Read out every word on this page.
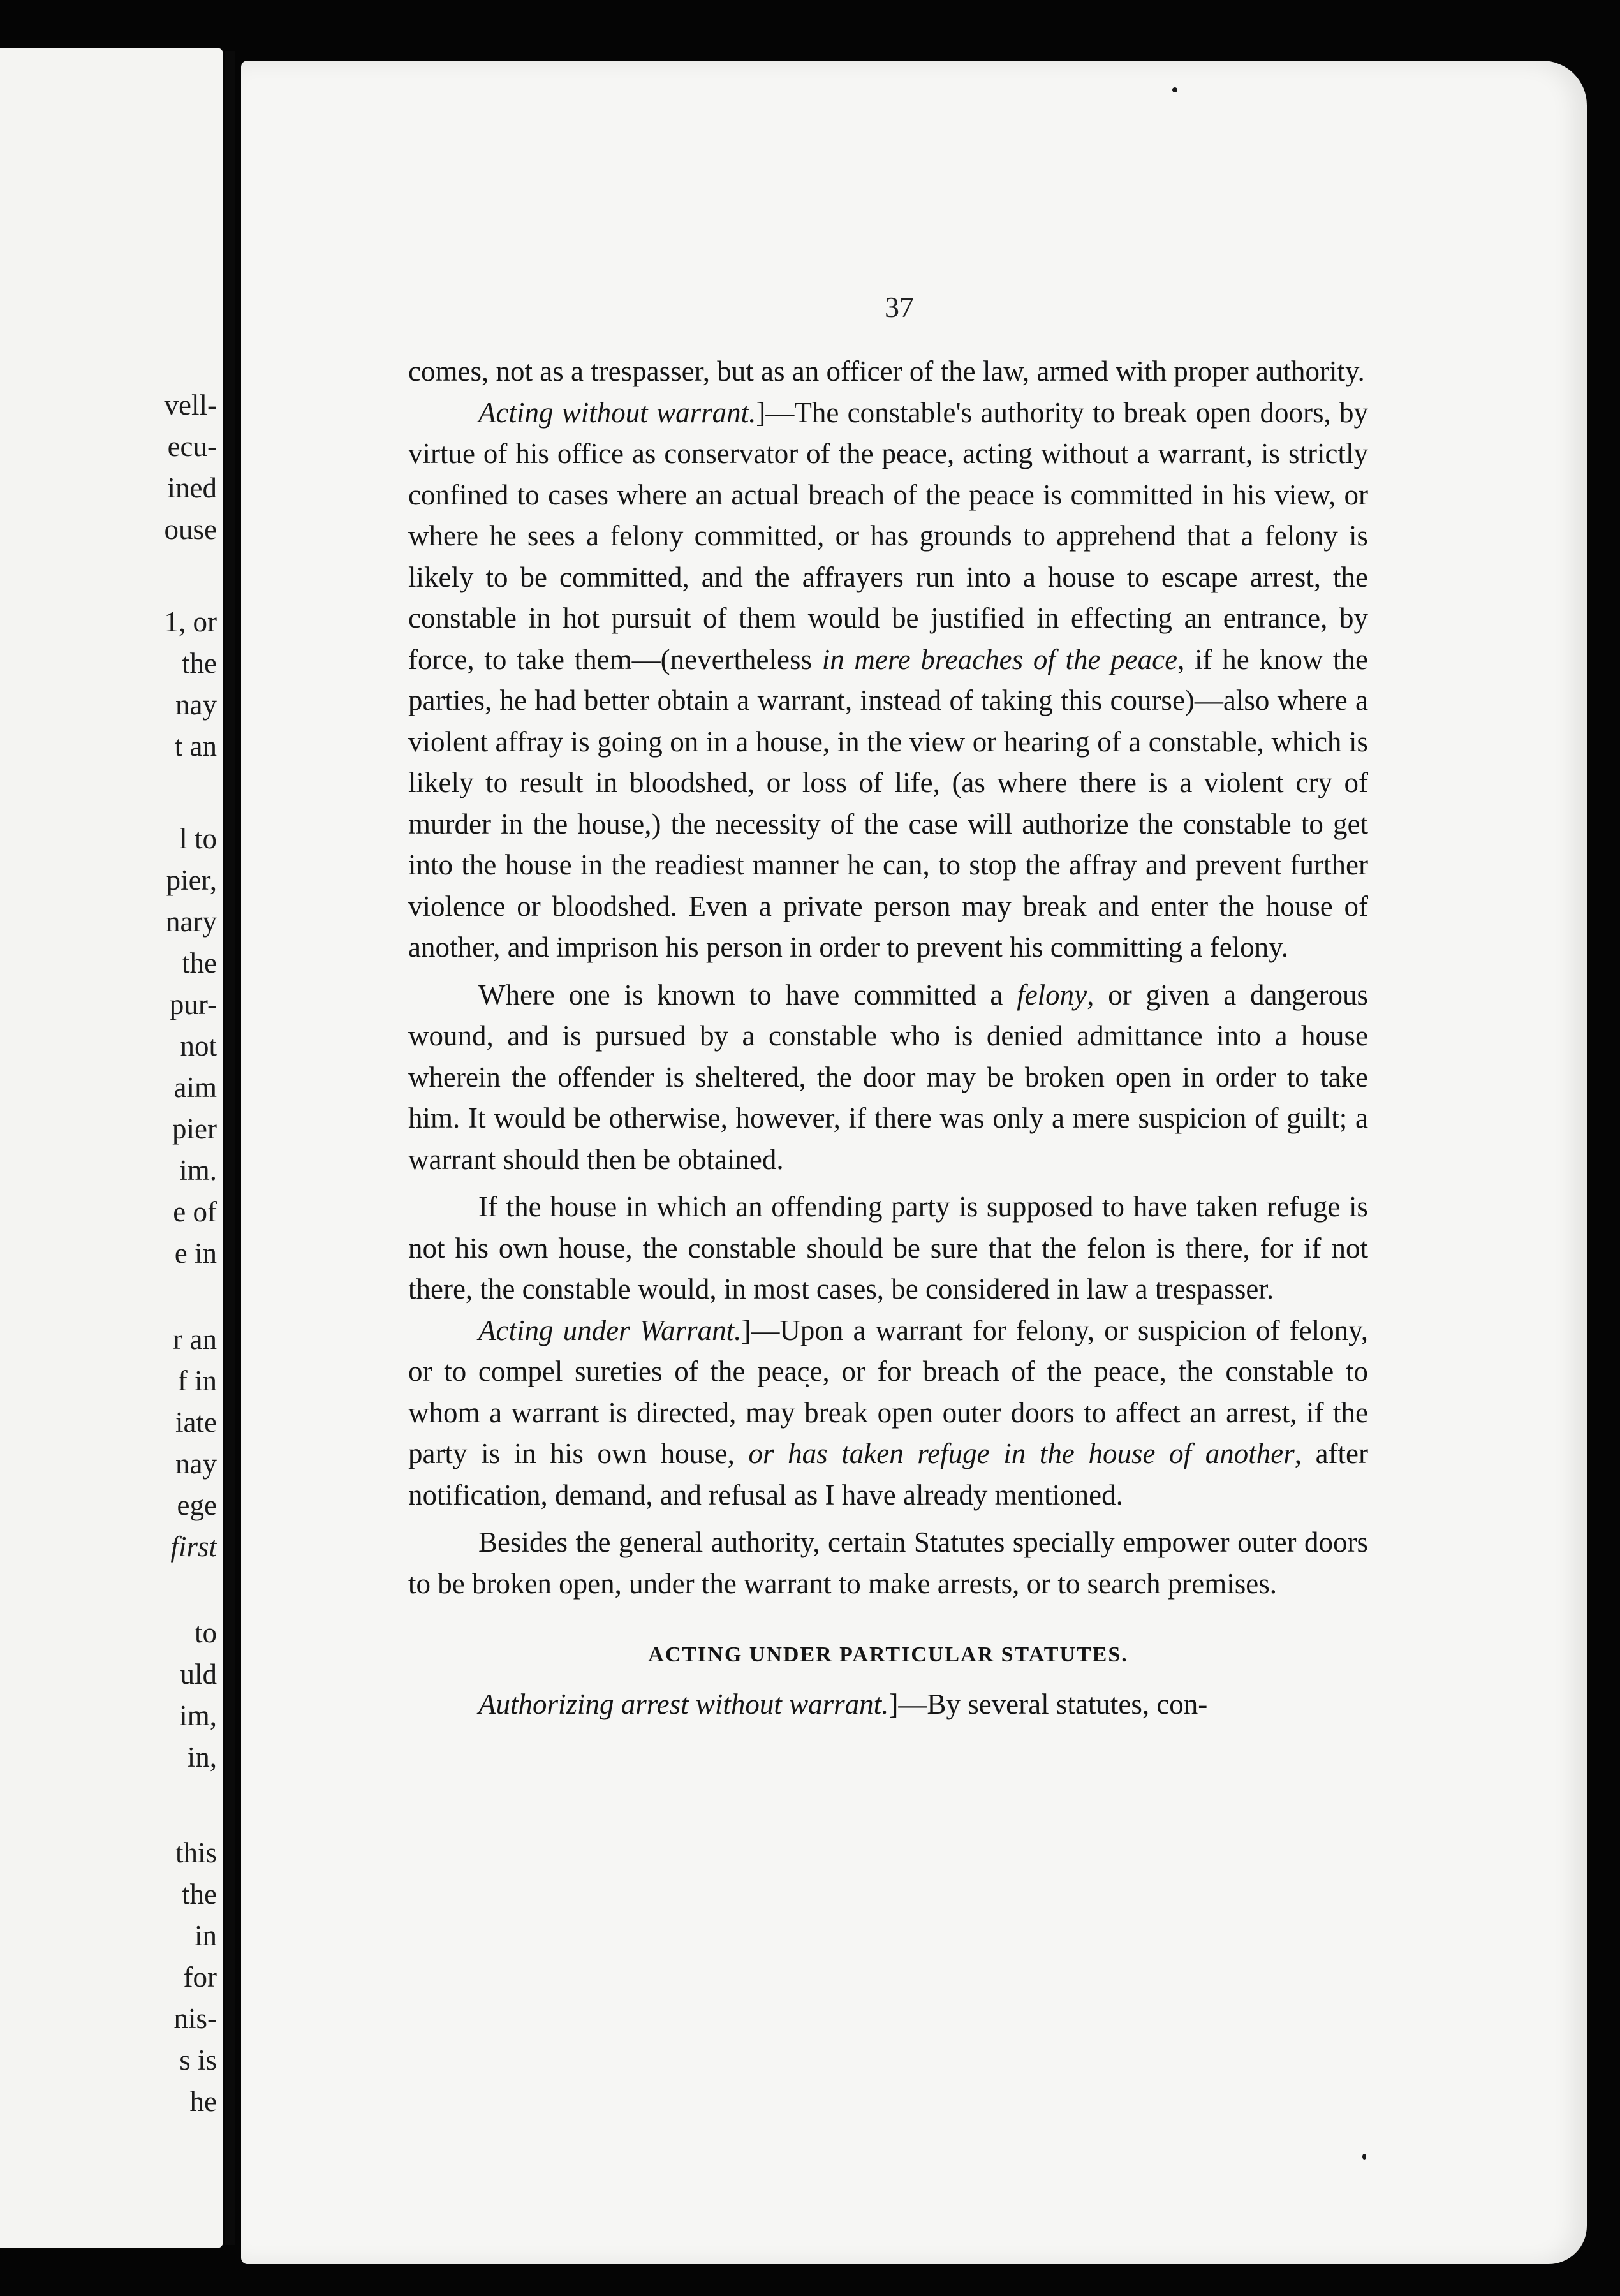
vell-
ecu-
ined
ouse
1, or
the
nay
t an
l to
pier,
nary
the
pur-
not
aim
pier
im.
e of
e in
r an
f in
iate
nay
ege
first
to
uld
im,
in,
this
the
in
for
nis-
s is
he
37

comes, not as a trespasser, but as an officer of the law, armed with proper authority.

Acting without warrant.]—The constable's authority to break open doors, by virtue of his office as conservator of the peace, acting without a warrant, is strictly confined to cases where an actual breach of the peace is committed in his view, or where he sees a felony committed, or has grounds to apprehend that a felony is likely to be committed, and the affrayers run into a house to escape arrest, the constable in hot pursuit of them would be justified in effecting an entrance, by force, to take them—(nevertheless in mere breaches of the peace, if he know the parties, he had better obtain a warrant, instead of taking this course)—also where a violent affray is going on in a house, in the view or hearing of a constable, which is likely to result in bloodshed, or loss of life, (as where there is a violent cry of murder in the house,) the necessity of the case will authorize the constable to get into the house in the readiest manner he can, to stop the affray and prevent further violence or bloodshed. Even a private person may break and enter the house of another, and imprison his person in order to prevent his committing a felony.

Where one is known to have committed a felony, or given a dangerous wound, and is pursued by a constable who is denied admittance into a house wherein the offender is sheltered, the door may be broken open in order to take him. It would be otherwise, however, if there was only a mere suspicion of guilt; a warrant should then be obtained.

If the house in which an offending party is supposed to have taken refuge is not his own house, the constable should be sure that the felon is there, for if not there, the constable would, in most cases, be considered in law a trespasser.

Acting under Warrant.]—Upon a warrant for felony, or suspicion of felony, or to compel sureties of the peace, or for breach of the peace, the constable to whom a warrant is directed, may break open outer doors to affect an arrest, if the party is in his own house, or has taken refuge in the house of another, after notification, demand, and refusal as I have already mentioned.

Besides the general authority, certain Statutes specially empower outer doors to be broken open, under the warrant to make arrests, or to search premises.

ACTING UNDER PARTICULAR STATUTES.

Authorizing arrest without warrant.]—By several statutes, con-
